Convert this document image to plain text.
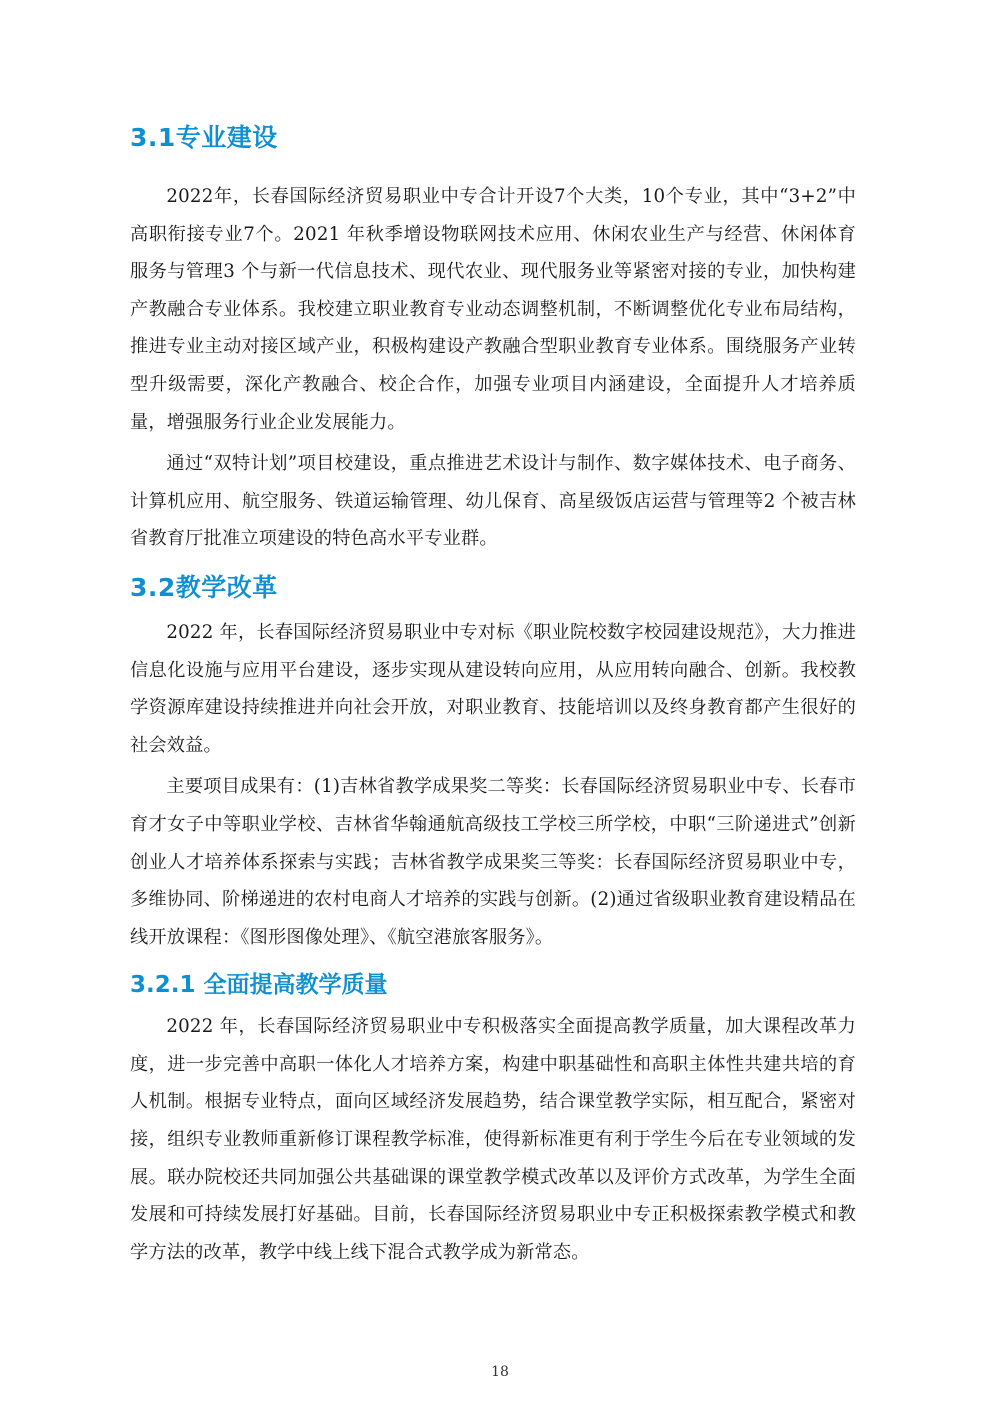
3.1专业建设

2022年，长春国际经济贸易职业中专合计开设7个大类，10个专业，其中“3+2”中高职衔接专业7个。2021 年秋季增设物联网技术应用、休闲农业生产与经营、休闲体育服务与管理3 个与新一代信息技术、现代农业、现代服务业等紧密对接的专业，加快构建产教融合专业体系。我校建立职业教育专业动态调整机制，不断调整优化专业布局结构，推进专业主动对接区域产业，积极构建设产教融合型职业教育专业体系。围绕服务产业转型升级需要，深化产教融合、校企合作，加强专业项目内涵建设，全面提升人才培养质量，增强服务行业企业发展能力。

通过“双特计划”项目校建设，重点推进艺术设计与制作、数字媒体技术、电子商务、计算机应用、航空服务、铁道运输管理、幼儿保育、高星级饭店运营与管理等2 个被吉林省教育厅批准立项建设的特色高水平专业群。

3.2教学改革

2022 年，长春国际经济贸易职业中专对标《职业院校数字校园建设规范》，大力推进信息化设施与应用平台建设，逐步实现从建设转向应用，从应用转向融合、创新。我校教学资源库建设持续推进并向社会开放，对职业教育、技能培训以及终身教育都产生很好的社会效益。

主要项目成果有：(1)吉林省教学成果奖二等奖：长春国际经济贸易职业中专、长春市育才女子中等职业学校、吉林省华翰通航高级技工学校三所学校，中职“三阶递进式”创新创业人才培养体系探索与实践；吉林省教学成果奖三等奖：长春国际经济贸易职业中专，多维协同、阶梯递进的农村电商人才培养的实践与创新。(2)通过省级职业教育建设精品在线开放课程：《图形图像处理》、《航空港旅客服务》。

3.2.1 全面提高教学质量

2022 年，长春国际经济贸易职业中专积极落实全面提高教学质量，加大课程改革力度，进一步完善中高职一体化人才培养方案，构建中职基础性和高职主体性共建共培的育人机制。根据专业特点，面向区域经济发展趋势，结合课堂教学实际，相互配合，紧密对接，组织专业教师重新修订课程教学标准，使得新标准更有利于学生今后在专业领域的发展。联办院校还共同加强公共基础课的课堂教学模式改革以及评价方式改革，为学生全面发展和可持续发展打好基础。目前，长春国际经济贸易职业中专正积极探索教学模式和教学方法的改革，教学中线上线下混合式教学成为新常态。

18
